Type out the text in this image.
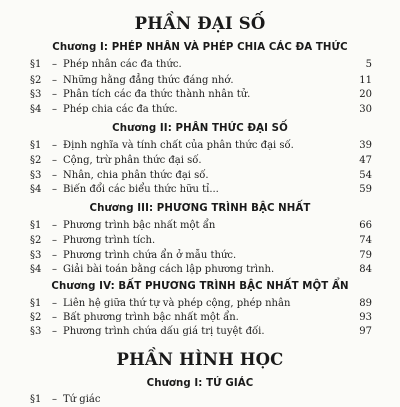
PHẦN ĐẠI SỐ
Chương I: PHÉP NHÂN VÀ PHÉP CHIA CÁC ĐA THỨC
§1 – Phép nhân các đa thức.	5
§2 – Những hằng đẳng thức đáng nhớ.	11
§3 – Phân tích các đa thức thành nhân tử.	20
§4 – Phép chia các đa thức.	30
Chương II: PHÂN THỨC ĐẠI SỐ
§1 – Định nghĩa và tính chất của phân thức đại số.	39
§2 – Cộng, trừ phân thức đại số.	47
§3 – Nhân, chia phân thức đại số.	54
§4 – Biến đổi các biểu thức hữu tỉ...	59
Chương III: PHƯƠNG TRÌNH BẬC NHẤT
§1 – Phương trình bậc nhất một ẩn	66
§2 – Phương trình tích.	74
§3 – Phương trình chứa ẩn ở mẫu thức.	79
§4 – Giải bài toán bằng cách lập phương trình.	84
Chương IV: BẤT PHƯƠNG TRÌNH BẬC NHẤT MỘT ẨN
§1 – Liên hệ giữa thứ tự và phép cộng, phép nhân	89
§2 – Bất phương trình bậc nhất một ẩn.	93
§3 – Phương trình chứa dấu giá trị tuyệt đối.	97
PHẦN HÌNH HỌC
Chương I: TỨ GIÁC
§1 – Tứ giác
